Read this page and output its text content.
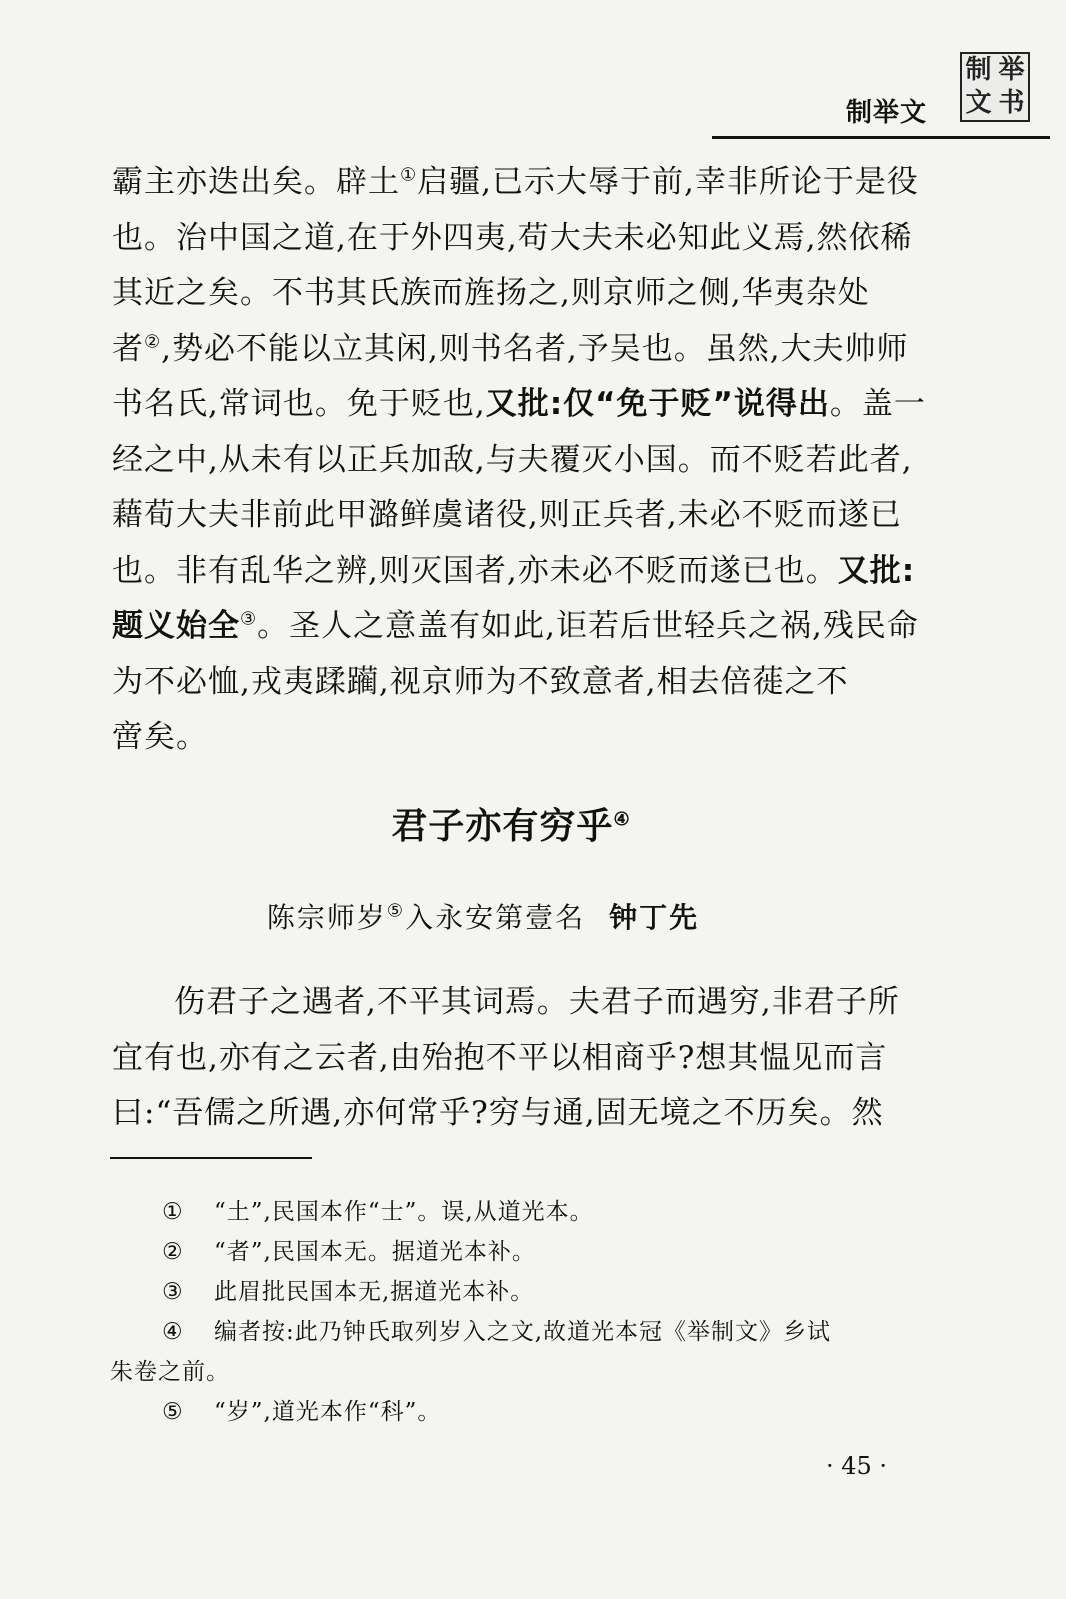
制 举
文 书
制举文
霸主亦迭出矣。辟土①启疆,已示大辱于前,幸非所论于是役
也。治中国之道,在于外四夷,苟大夫未必知此义焉,然依稀
其近之矣。不书其氏族而旌扬之,则京师之侧,华夷杂处
者②,势必不能以立其闲,则书名者,予吴也。虽然,大夫帅师
书名氏,常词也。免于贬也,又批:仅“免于贬”说得出。盖一
经之中,从未有以正兵加敌,与夫覆灭小国。而不贬若此者,
藉荀大夫非前此甲潞鲜虞诸役,则正兵者,未必不贬而遂已
也。非有乱华之辨,则灭国者,亦未必不贬而遂已也。又批:
题义始全③。圣人之意盖有如此,讵若后世轻兵之祸,残民命
为不必恤,戎夷蹂躏,视京师为不致意者,相去倍蓰之不
啻矣。
君子亦有穷乎④
陈宗师岁⑤入永安第壹名 钟丁先
伤君子之遇者,不平其词焉。夫君子而遇穷,非君子所
宜有也,亦有之云者,由殆抱不平以相商乎?想其愠见而言
曰:“吾儒之所遇,亦何常乎?穷与通,固无境之不历矣。然
① “土”,民国本作“士”。误,从道光本。
② “者”,民国本无。据道光本补。
③ 此眉批民国本无,据道光本补。
④ 编者按:此乃钟氏取列岁入之文,故道光本冠《举制文》乡试
朱卷之前。
⑤ “岁”,道光本作“科”。
· 45 ·
